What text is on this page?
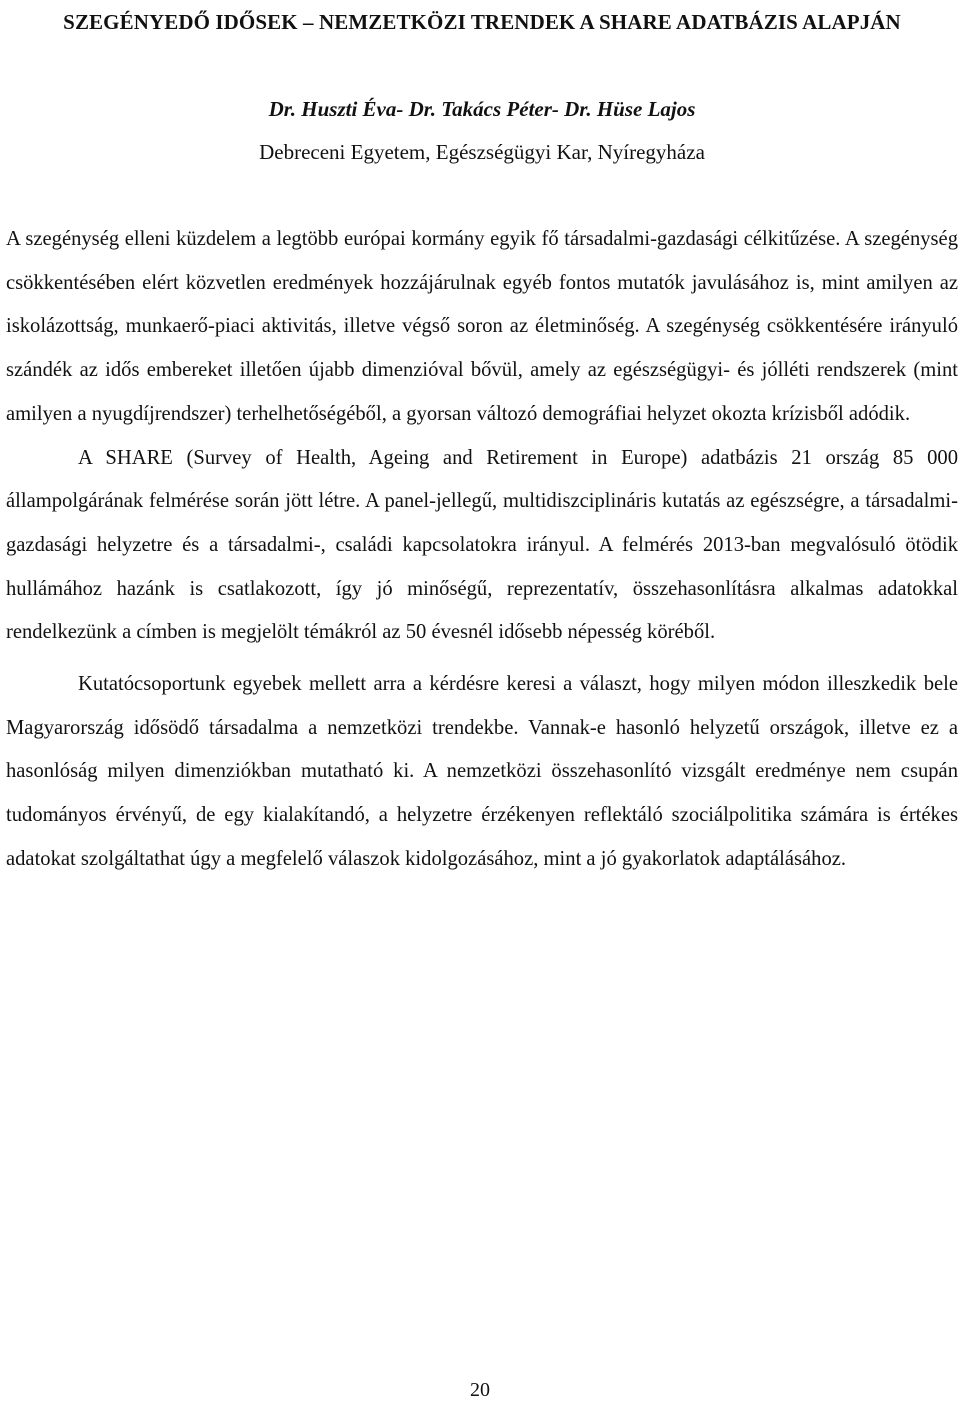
SZEGÉNYEDŐ IDŐSEK – NEMZETKÖZI TRENDEK A SHARE ADATBÁZIS ALAPJÁN

Dr. Huszti Éva- Dr. Takács Péter- Dr. Hüse Lajos

Debreceni Egyetem, Egészségügyi Kar, Nyíregyháza

A szegénység elleni küzdelem a legtöbb európai kormány egyik fő társadalmi-gazdasági célkitűzése. A szegénység csökkentésében elért közvetlen eredmények hozzájárulnak egyéb fontos mutatók javulásához is, mint amilyen az iskolázottság, munkaerő-piaci aktivitás, illetve végső soron az életminőség. A szegénység csökkentésére irányuló szándék az idős embereket illetően újabb dimenzióval bővül, amely az egészségügyi- és jólléti rendszerek (mint amilyen a nyugdíjrendszer) terhelhetőségéből, a gyorsan változó demográfiai helyzet okozta krízisből adódik.

A SHARE (Survey of Health, Ageing and Retirement in Europe) adatbázis 21 ország 85 000 állampolgárának felmérése során jött létre. A panel-jellegű, multidiszciplináris kutatás az egészségre, a társadalmi-gazdasági helyzetre és a társadalmi-, családi kapcsolatokra irányul. A felmérés 2013-ban megvalósuló ötödik hullámához hazánk is csatlakozott, így jó minőségű, reprezentatív, összehasonlításra alkalmas adatokkal rendelkezünk a címben is megjelölt témákról az 50 évesnél idősebb népesség köréből.

Kutatócsoportunk egyebek mellett arra a kérdésre keresi a választ, hogy milyen módon illeszkedik bele Magyarország idősödő társadalma a nemzetközi trendekbe. Vannak-e hasonló helyzetű országok, illetve ez a hasonlóság milyen dimenziókban mutatható ki. A nemzetközi összehasonlító vizsgált eredménye nem csupán tudományos érvényű, de egy kialakítandó, a helyzetre érzékenyen reflektáló szociálpolitika számára is értékes adatokat szolgáltathat úgy a megfelelő válaszok kidolgozásához, mint a jó gyakorlatok adaptálásához.

20
